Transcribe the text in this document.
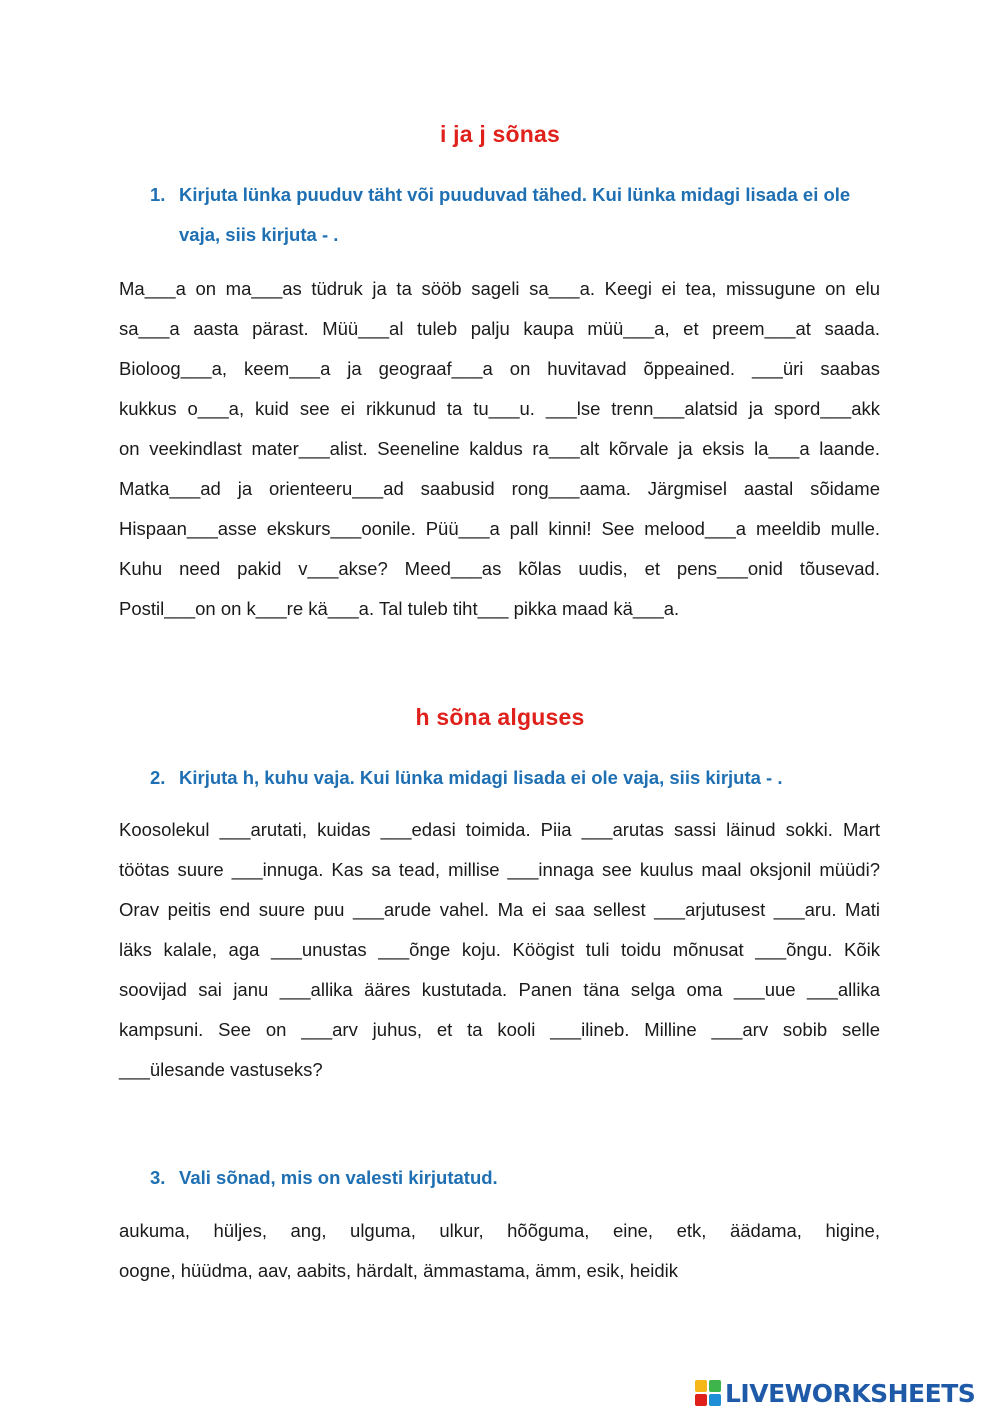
i ja j sõnas
1. Kirjuta lünka puuduv täht või puuduvad tähed. Kui lünka midagi lisada ei ole vaja, siis kirjuta - .
Ma___a on ma___as tüdruk ja ta sööb sageli sa___a. Keegi ei tea, missugune on elu
sa___a aasta pärast. Müü___al tuleb palju kaupa müü___a, et preem___at saada.
Bioloog___a, keem___a ja geograaf___a on huvitavad õppeained. ___üri saabas
kukkus o___a, kuid see ei rikkunud ta tu___u. ___lse trenn___alatsid ja spord___akk
on veekindlast mater___alist. Seeneline kaldus ra___alt kõrvale ja eksis la___a laande.
Matka___ad ja orienteeru___ad saabusid rong___aama. Järgmisel aastal sõidame
Hispaan___asse ekskurs___oonile. Püü___a pall kinni! See melood___a meeldib mulle.
Kuhu need pakid v___akse? Meed___as kõlas uudis, et pens___onid tõusevad.
Postil___on on k___re kä___a. Tal tuleb tiht___ pikka maad kä___a.
h sõna alguses
2. Kirjuta h, kuhu vaja. Kui lünka midagi lisada ei ole vaja, siis kirjuta - .
Koosolekul ___arutati, kuidas ___edasi toimida. Piia ___arutas sassi läinud sokki. Mart
töötas suure ___innuga. Kas sa tead, millise ___innaga see kuulus maal oksjonil müüdi?
Orav peitis end suure puu ___arude vahel. Ma ei saa sellest ___arjutusest ___aru. Mati
läks kalale, aga ___unustas ___õnge koju. Köögist tuli toidu mõnusat ___õngu. Kõik
soovijad sai janu ___allika ääres kustutada. Panen täna selga oma ___uue ___allika
kampsuni. See on ___arv juhus, et ta kooli ___ilineb. Milline ___arv sobib selle
___ülesande vastuseks?
3. Vali sõnad, mis on valesti kirjutatud.
aukuma, hüljes, ang, ulguma, ulkur, hõõguma, eine, etk, äädama, higine,
oogne, hüüdma, aav, aabits, härdalt, ämmastama, ämm, esik, heidik
LIVEWORKSHEETS
